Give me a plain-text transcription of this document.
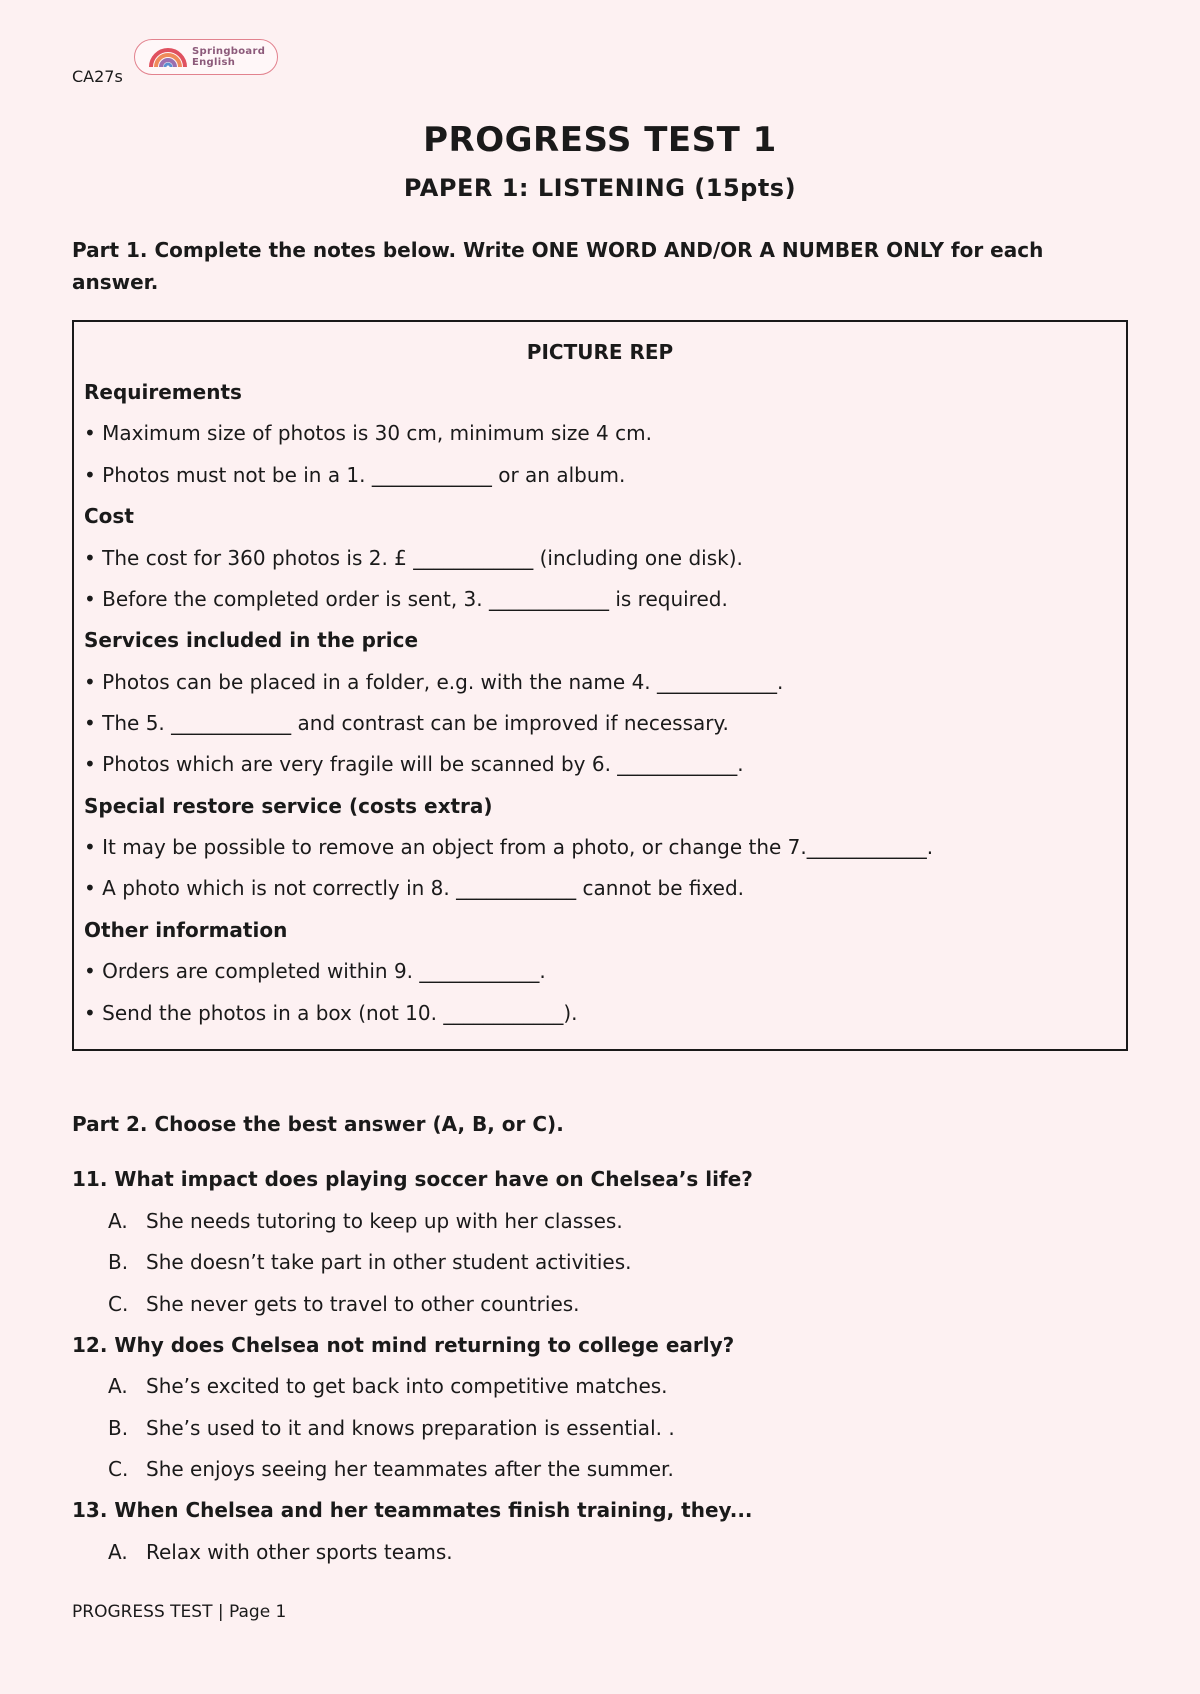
CA27s
Springboard
English
PROGRESS TEST 1
PAPER 1: LISTENING (15pts)
Part 1. Complete the notes below. Write ONE WORD AND/OR A NUMBER ONLY for each answer.
PICTURE REP
Requirements
• Maximum size of photos is 30 cm, minimum size 4 cm.
• Photos must not be in a 1. ____________ or an album.
Cost
• The cost for 360 photos is 2. £ ____________ (including one disk).
• Before the completed order is sent, 3. ____________ is required.
Services included in the price
• Photos can be placed in a folder, e.g. with the name 4. ____________.
• The 5. ____________ and contrast can be improved if necessary.
• Photos which are very fragile will be scanned by 6. ____________.
Special restore service (costs extra)
• It may be possible to remove an object from a photo, or change the 7.____________.
• A photo which is not correctly in 8. ____________ cannot be fixed.
Other information
• Orders are completed within 9. ____________.
• Send the photos in a box (not 10. ____________).
Part 2. Choose the best answer (A, B, or C).
11. What impact does playing soccer have on Chelsea’s life?
A. She needs tutoring to keep up with her classes.
B. She doesn’t take part in other student activities.
C. She never gets to travel to other countries.
12. Why does Chelsea not mind returning to college early?
A. She’s excited to get back into competitive matches.
B. She’s used to it and knows preparation is essential. .
C. She enjoys seeing her teammates after the summer.
13. When Chelsea and her teammates finish training, they...
A. Relax with other sports teams.
PROGRESS TEST | Page 1
